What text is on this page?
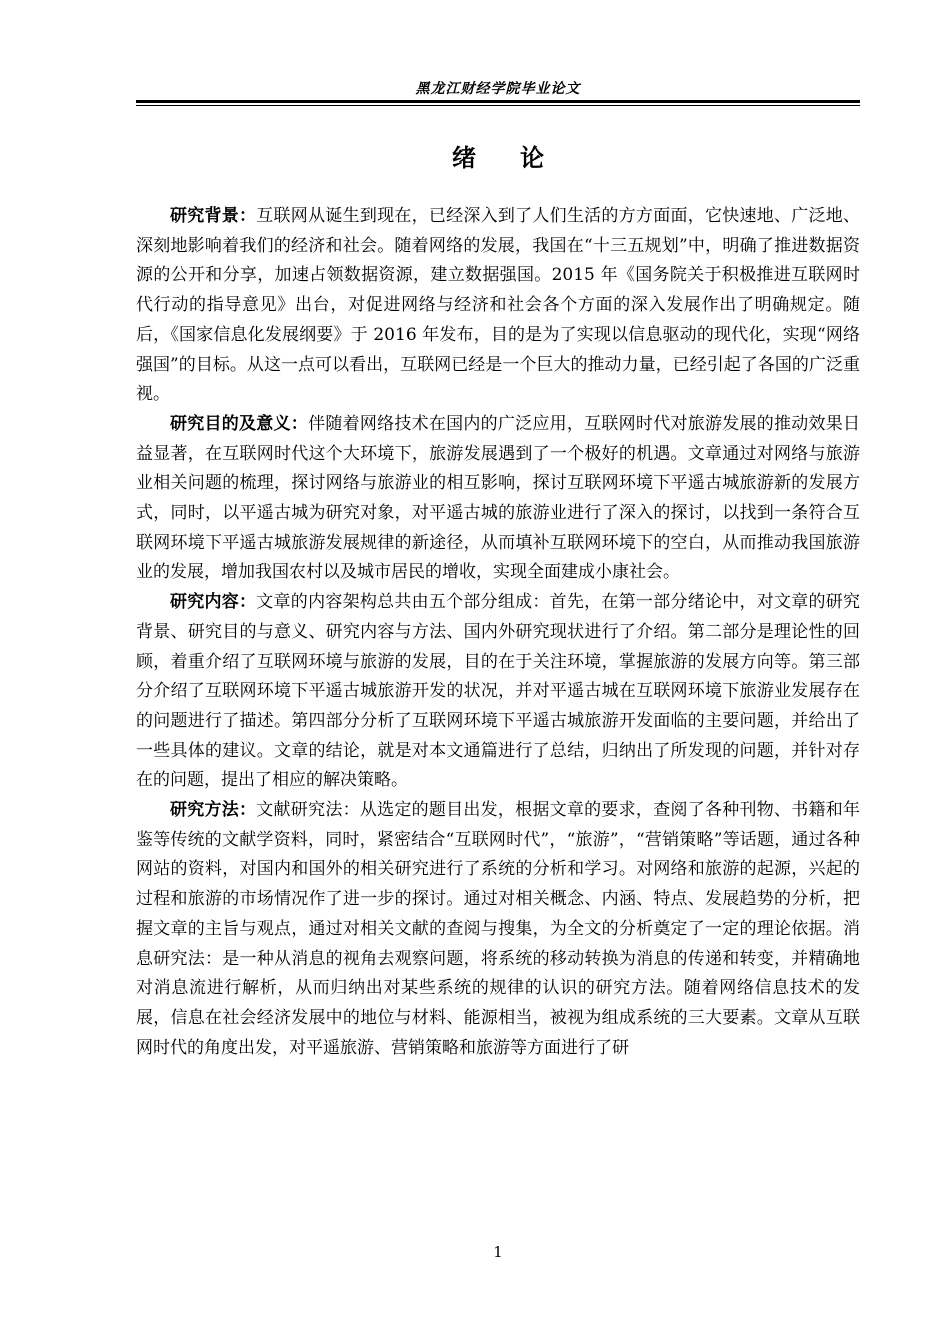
黑龙江财经学院毕业论文
绪论

研究背景：互联网从诞生到现在，已经深入到了人们生活的方方面面，它快速地、广泛地、深刻地影响着我们的经济和社会。随着网络的发展，我国在“十三五规划”中，明确了推进数据资源的公开和分享，加速占领数据资源，建立数据强国。2015 年《国务院关于积极推进互联网时代行动的指导意见》出台，对促进网络与经济和社会各个方面的深入发展作出了明确规定。随后，《国家信息化发展纲要》于 2016 年发布，目的是为了实现以信息驱动的现代化，实现“网络强国”的目标。从这一点可以看出，互联网已经是一个巨大的推动力量，已经引起了各国的广泛重视。

研究目的及意义：伴随着网络技术在国内的广泛应用，互联网时代对旅游发展的推动效果日益显著，在互联网时代这个大环境下，旅游发展遇到了一个极好的机遇。文章通过对网络与旅游业相关问题的梳理，探讨网络与旅游业的相互影响，探讨互联网环境下平遥古城旅游新的发展方式，同时，以平遥古城为研究对象，对平遥古城的旅游业进行了深入的探讨，以找到一条符合互联网环境下平遥古城旅游发展规律的新途径，从而填补互联网环境下的空白，从而推动我国旅游业的发展，增加我国农村以及城市居民的增收，实现全面建成小康社会。

研究内容：文章的内容架构总共由五个部分组成：首先，在第一部分绪论中，对文章的研究背景、研究目的与意义、研究内容与方法、国内外研究现状进行了介绍。第二部分是理论性的回顾，着重介绍了互联网环境与旅游的发展，目的在于关注环境，掌握旅游的发展方向等。第三部分介绍了互联网环境下平遥古城旅游开发的状况，并对平遥古城在互联网环境下旅游业发展存在的问题进行了描述。第四部分分析了互联网环境下平遥古城旅游开发面临的主要问题，并给出了一些具体的建议。文章的结论，就是对本文通篇进行了总结，归纳出了所发现的问题，并针对存在的问题，提出了相应的解决策略。

研究方法：文献研究法：从选定的题目出发，根据文章的要求，查阅了各种刊物、书籍和年鉴等传统的文献学资料，同时，紧密结合“互联网时代”，“旅游”，“营销策略”等话题，通过各种网站的资料，对国内和国外的相关研究进行了系统的分析和学习。对网络和旅游的起源，兴起的过程和旅游的市场情况作了进一步的探讨。通过对相关概念、内涵、特点、发展趋势的分析，把握文章的主旨与观点，通过对相关文献的查阅与搜集，为全文的分析奠定了一定的理论依据。消息研究法：是一种从消息的视角去观察问题，将系统的移动转换为消息的传递和转变，并精确地对消息流进行解析，从而归纳出对某些系统的规律的认识的研究方法。随着网络信息技术的发展，信息在社会经济发展中的地位与材料、能源相当，被视为组成系统的三大要素。文章从互联网时代的角度出发，对平遥旅游、营销策略和旅游等方面进行了研

1
